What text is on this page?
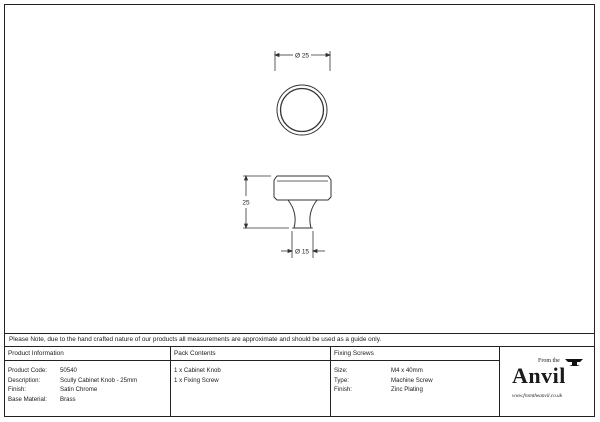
Ø 25
25
Ø 15
Please Note, due to the hand crafted nature of our products all measurements are approximate and should be used as a guide only.
Product Information
Product Code: 50540
Description:	Scully Cabinet Knob - 25mm
Finish:	Satin Chrome
Base Material: Brass
Pack Contents
1 x Cabinet Knob
1 x Fixing Screw
Fixing Screws
Size:	M4 x 40mm
Type:	Machine Screw
Finish:	Zinc Plating
From the
Anvil
www.fromtheanvil.co.uk
